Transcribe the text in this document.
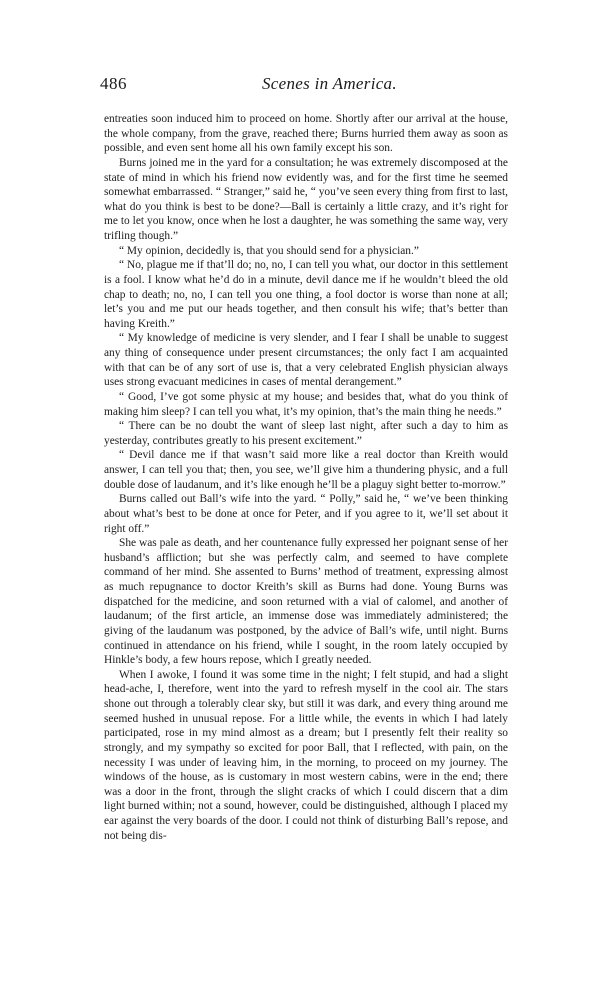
486	Scenes in America.

entreaties soon induced him to proceed on home. Shortly after our arrival at the house, the whole company, from the grave, reached there; Burns hurried them away as soon as possible, and even sent home all his own family except his son.

Burns joined me in the yard for a consultation; he was extremely discomposed at the state of mind in which his friend now evidently was, and for the first time he seemed somewhat embarrassed. “ Stranger,” said he, “ you’ve seen every thing from first to last, what do you think is best to be done?—Ball is certainly a little crazy, and it’s right for me to let you know, once when he lost a daughter, he was something the same way, very trifling though.”

“ My opinion, decidedly is, that you should send for a physician.”

“ No, plague me if that’ll do; no, no, I can tell you what, our doctor in this settlement is a fool. I know what he’d do in a minute, devil dance me if he wouldn’t bleed the old chap to death; no, no, I can tell you one thing, a fool doctor is worse than none at all; let’s you and me put our heads together, and then consult his wife; that’s better than having Kreith.”

“ My knowledge of medicine is very slender, and I fear I shall be unable to suggest any thing of consequence under present circumstances; the only fact I am acquainted with that can be of any sort of use is, that a very celebrated English physician always uses strong evacuant medicines in cases of mental derangement.”

“ Good, I’ve got some physic at my house; and besides that, what do you think of making him sleep? I can tell you what, it’s my opinion, that’s the main thing he needs.”

“ There can be no doubt the want of sleep last night, after such a day to him as yesterday, contributes greatly to his present excitement.”

“ Devil dance me if that wasn’t said more like a real doctor than Kreith would answer, I can tell you that; then, you see, we’ll give him a thundering physic, and a full double dose of laudanum, and it’s like enough he’ll be a plaguy sight better to-morrow.”

Burns called out Ball’s wife into the yard. “ Polly,” said he, “ we’ve been thinking about what’s best to be done at once for Peter, and if you agree to it, we’ll set about it right off.”

She was pale as death, and her countenance fully expressed her poignant sense of her husband’s affliction; but she was perfectly calm, and seemed to have complete command of her mind. She assented to Burns’ method of treatment, expressing almost as much repugnance to doctor Kreith’s skill as Burns had done. Young Burns was dispatched for the medicine, and soon returned with a vial of calomel, and another of laudanum; of the first article, an immense dose was immediately administered; the giving of the laudanum was postponed, by the advice of Ball’s wife, until night. Burns continued in attendance on his friend, while I sought, in the room lately occupied by Hinkle’s body, a few hours repose, which I greatly needed.

When I awoke, I found it was some time in the night; I felt stupid, and had a slight head-ache, I, therefore, went into the yard to refresh myself in the cool air. The stars shone out through a tolerably clear sky, but still it was dark, and every thing around me seemed hushed in unusual repose. For a little while, the events in which I had lately participated, rose in my mind almost as a dream; but I presently felt their reality so strongly, and my sympathy so excited for poor Ball, that I reflected, with pain, on the necessity I was under of leaving him, in the morning, to proceed on my journey. The windows of the house, as is customary in most western cabins, were in the end; there was a door in the front, through the slight cracks of which I could discern that a dim light burned within; not a sound, however, could be distinguished, although I placed my ear against the very boards of the door. I could not think of disturbing Ball’s repose, and not being dis-
